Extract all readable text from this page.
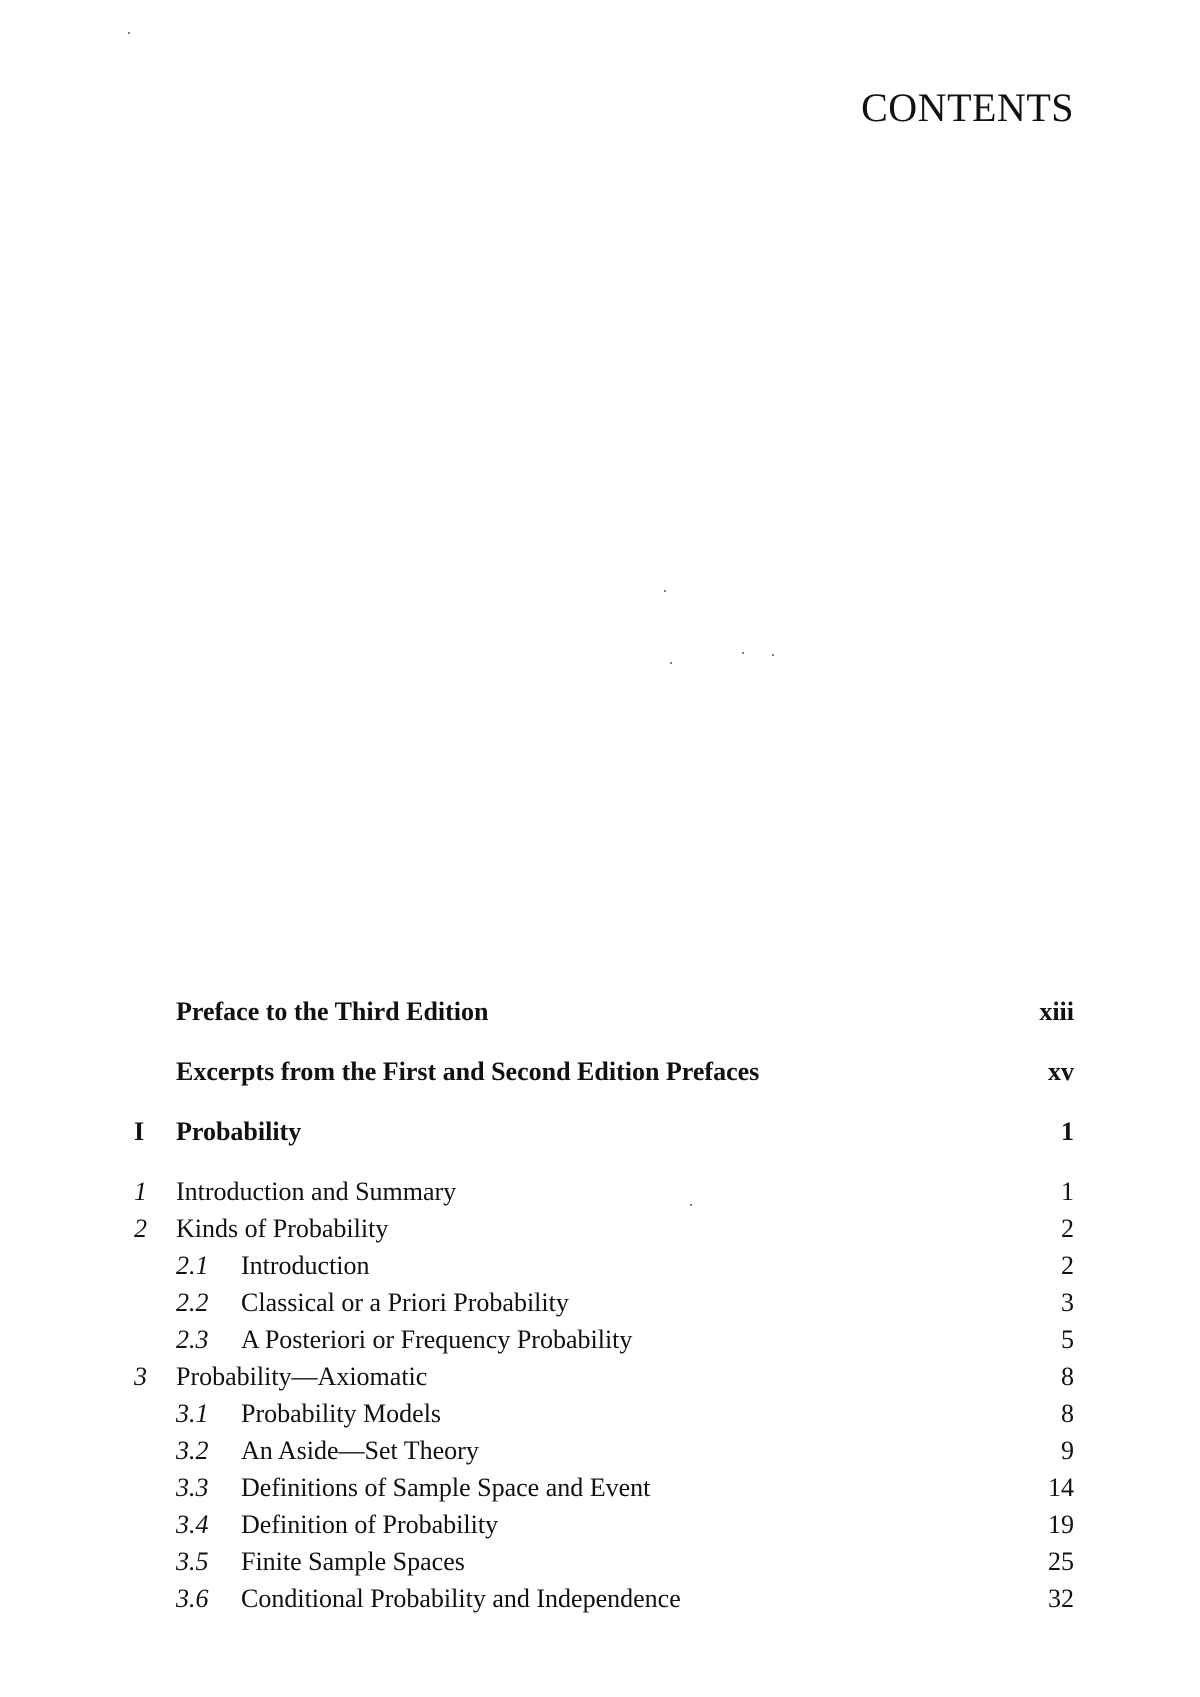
CONTENTS
Preface to the Third Edition	xiii
Excerpts from the First and Second Edition Prefaces	xv
I Probability	1
1 Introduction and Summary	1
2 Kinds of Probability	2
2.1 Introduction	2
2.2 Classical or a Priori Probability	3
2.3 A Posteriori or Frequency Probability	5
3 Probability—Axiomatic	8
3.1 Probability Models	8
3.2 An Aside—Set Theory	9
3.3 Definitions of Sample Space and Event	14
3.4 Definition of Probability	19
3.5 Finite Sample Spaces	25
3.6 Conditional Probability and Independence	32
